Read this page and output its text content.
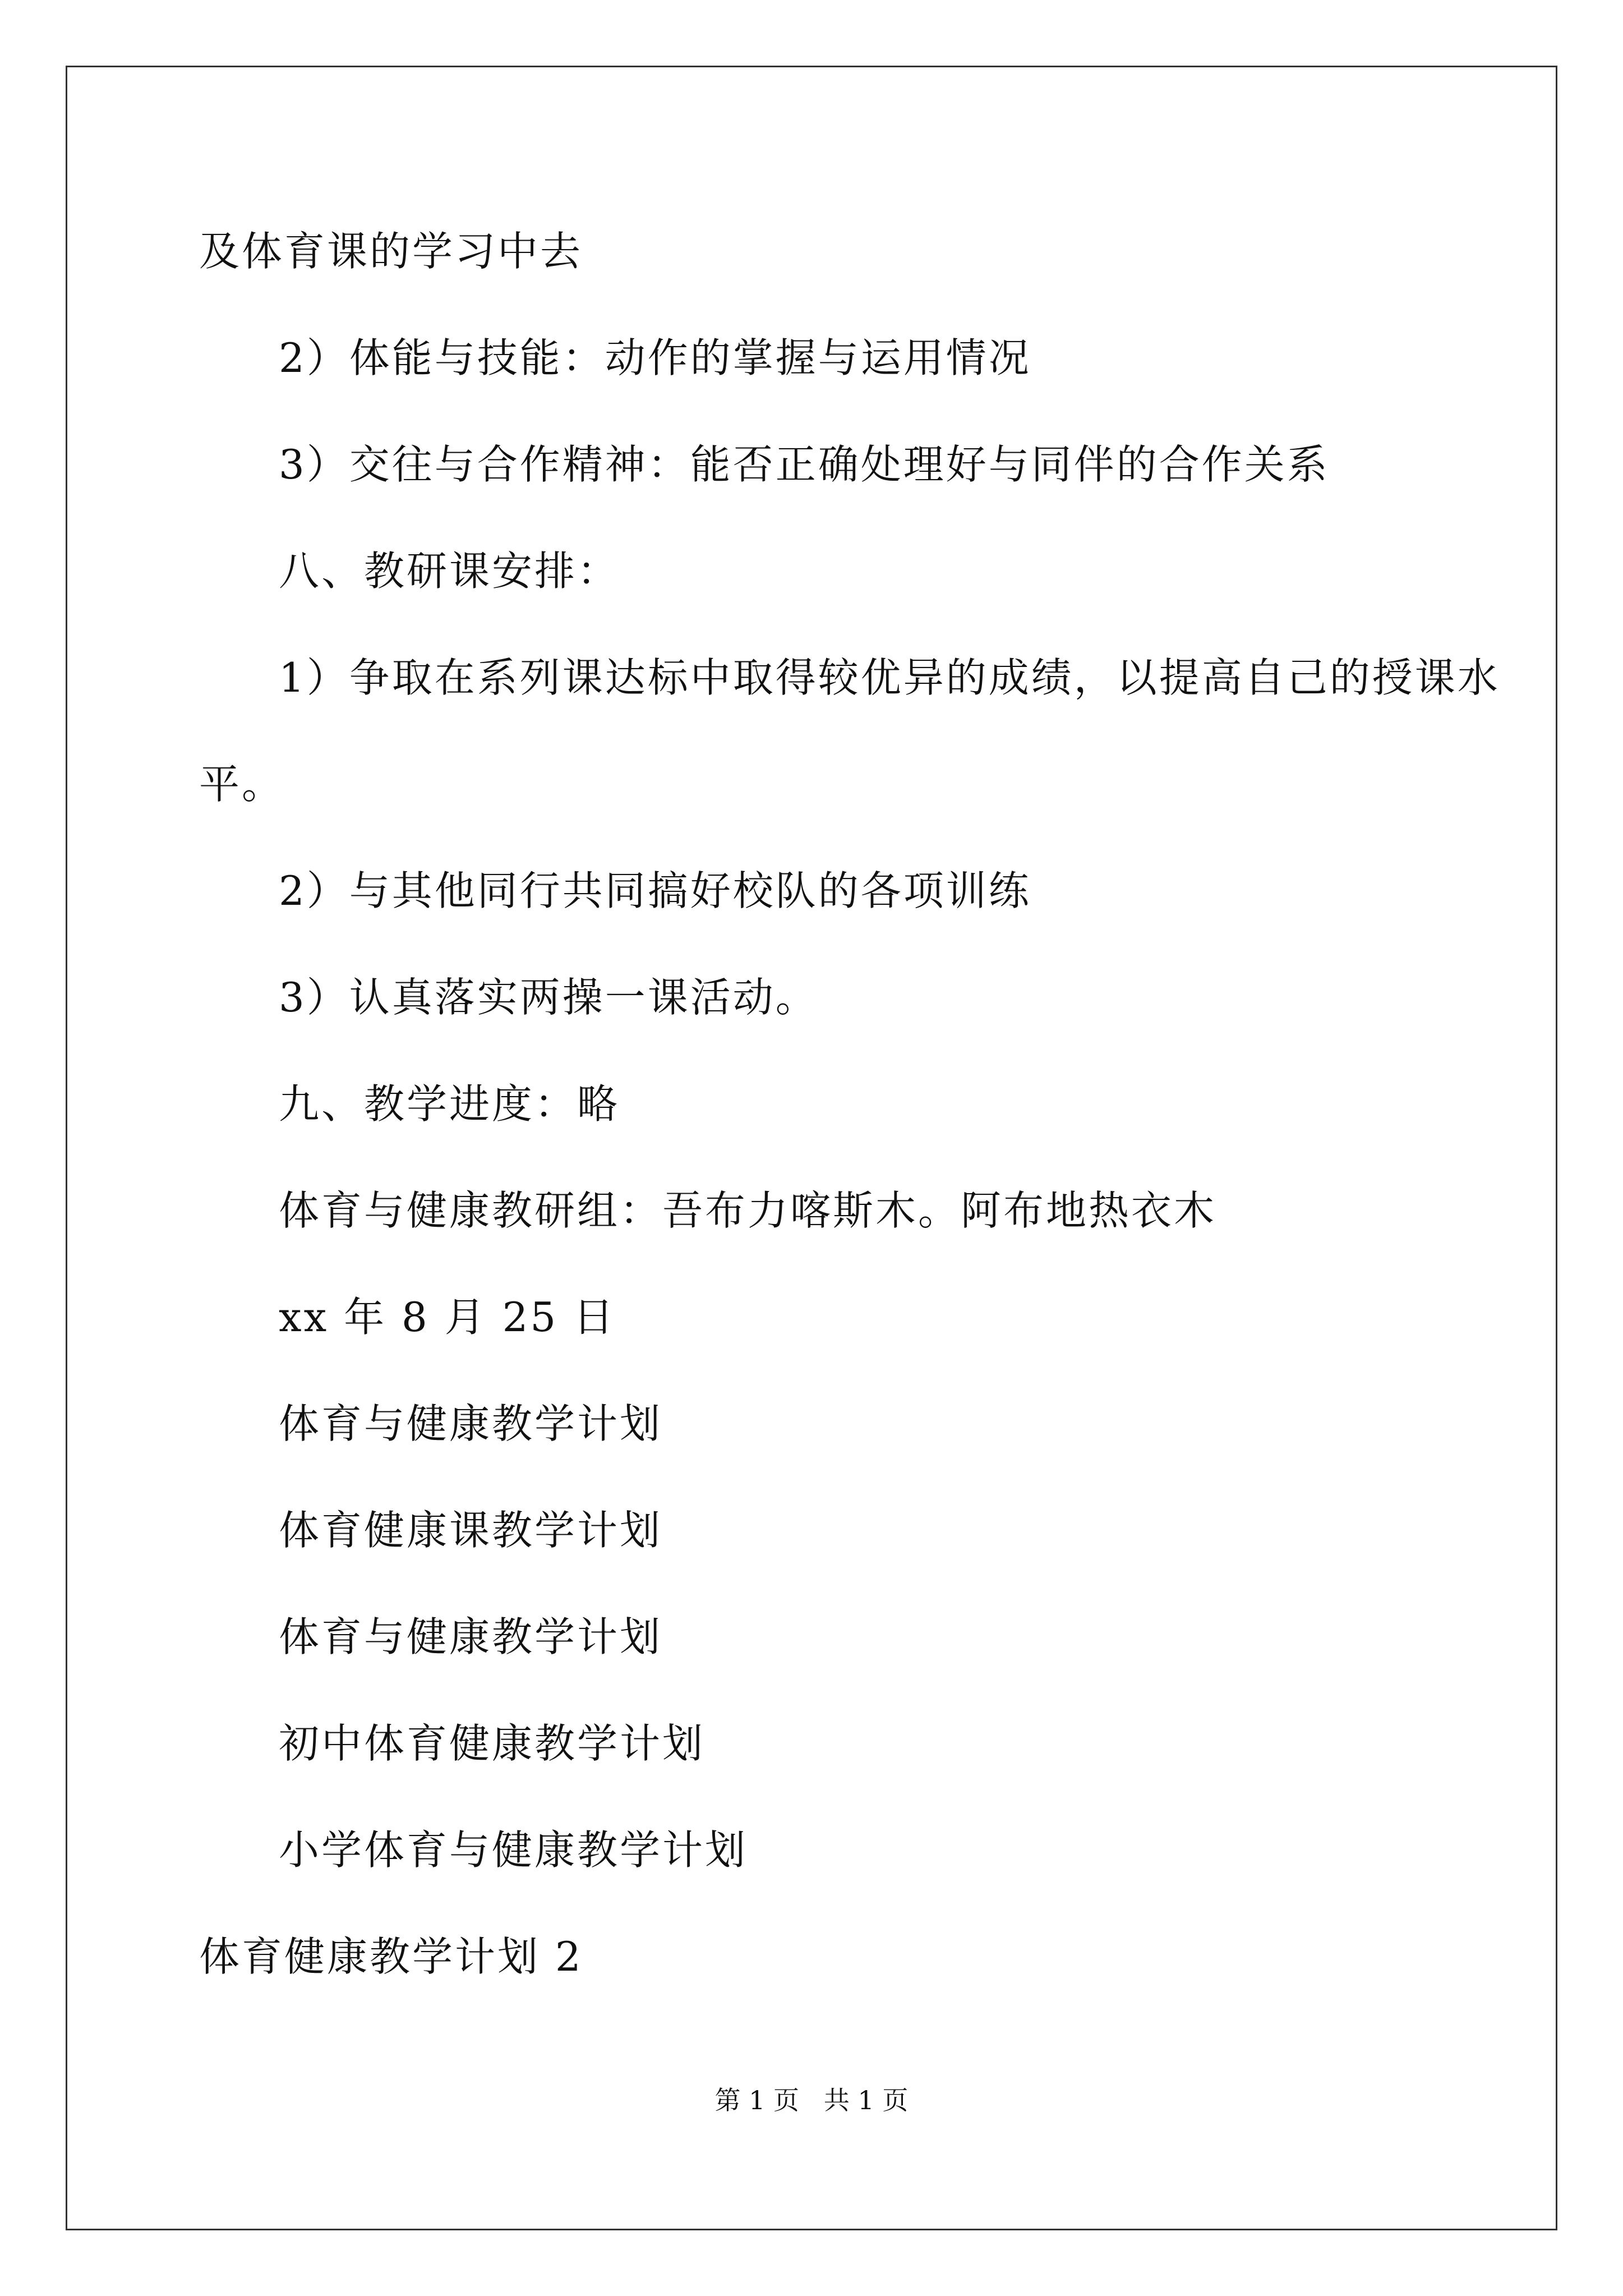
及体育课的学习中去
2）体能与技能：动作的掌握与运用情况
3）交往与合作精神：能否正确处理好与同伴的合作关系
八、教研课安排：
1）争取在系列课达标中取得较优异的成绩，以提高自己的授课水
平。
2）与其他同行共同搞好校队的各项训练
3）认真落实两操一课活动。
九、教学进度：略
体育与健康教研组：吾布力喀斯木。阿布地热衣木
xx 年 8 月 25 日
体育与健康教学计划
体育健康课教学计划
体育与健康教学计划
初中体育健康教学计划
小学体育与健康教学计划
体育健康教学计划 2
第 1 页   共 1 页
